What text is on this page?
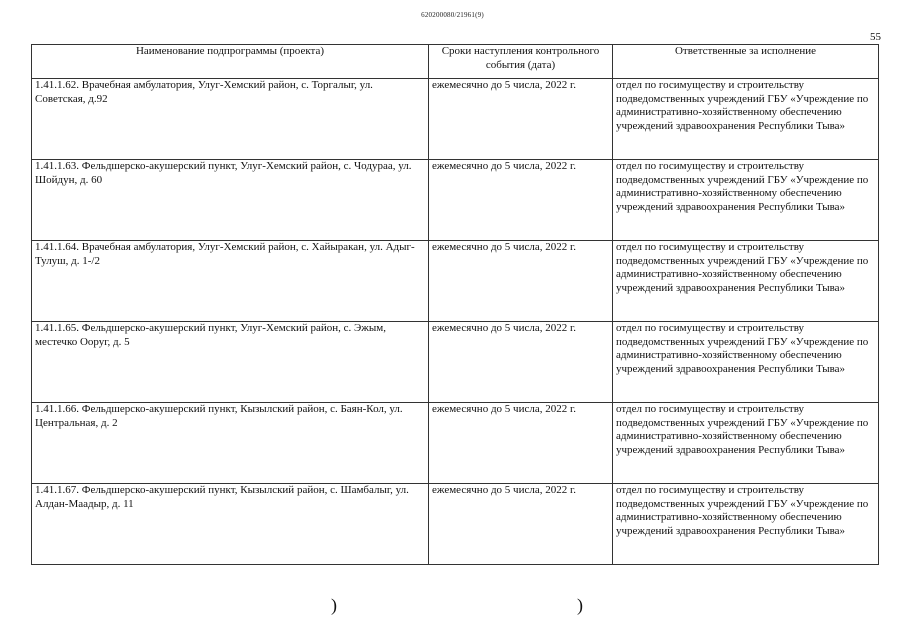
620200080/21961(9)
55
Наименование подпрограммы (проекта)	Сроки наступления контрольного события (дата)	Ответственные за исполнение
1.41.1.62. Врачебная амбулатория, Улуг-Хемский район, с. Торгалыг, ул. Советская, д.92	ежемесячно до 5 числа, 2022 г.	отдел по госимуществу и строительству подведомственных учреждений ГБУ «Учреждение по административно-хозяйственному обеспечению учреждений здравоохранения Республики Тыва»
1.41.1.63. Фельдшерско-акушерский пункт, Улуг-Хемский район, с. Чодураа, ул. Шойдун, д. 60	ежемесячно до 5 числа, 2022 г.	отдел по госимуществу и строительству подведомственных учреждений ГБУ «Учреждение по административно-хозяйственному обеспечению учреждений здравоохранения Республики Тыва»
1.41.1.64. Врачебная амбулатория, Улуг-Хемский район, с. Хайыракан, ул. Адыг-Тулуш, д. 1-/2	ежемесячно до 5 числа, 2022 г.	отдел по госимуществу и строительству подведомственных учреждений ГБУ «Учреждение по административно-хозяйственному обеспечению учреждений здравоохранения Республики Тыва»
1.41.1.65. Фельдшерско-акушерский пункт, Улуг-Хемский район, с. Эжым, местечко Ооруг, д. 5	ежемесячно до 5 числа, 2022 г.	отдел по госимуществу и строительству подведомственных учреждений ГБУ «Учреждение по административно-хозяйственному обеспечению учреждений здравоохранения Республики Тыва»
1.41.1.66. Фельдшерско-акушерский пункт, Кызылский район, с. Баян-Кол, ул. Центральная, д. 2	ежемесячно до 5 числа, 2022 г.	отдел по госимуществу и строительству подведомственных учреждений ГБУ «Учреждение по административно-хозяйственному обеспечению учреждений здравоохранения Республики Тыва»
1.41.1.67. Фельдшерско-акушерский пункт, Кызылский район, с. Шамбалыг, ул. Алдан-Маадыр, д. 11	ежемесячно до 5 числа, 2022 г.	отдел по госимуществу и строительству подведомственных учреждений ГБУ «Учреждение по административно-хозяйственному обеспечению учреждений здравоохранения Республики Тыва»
)	)
